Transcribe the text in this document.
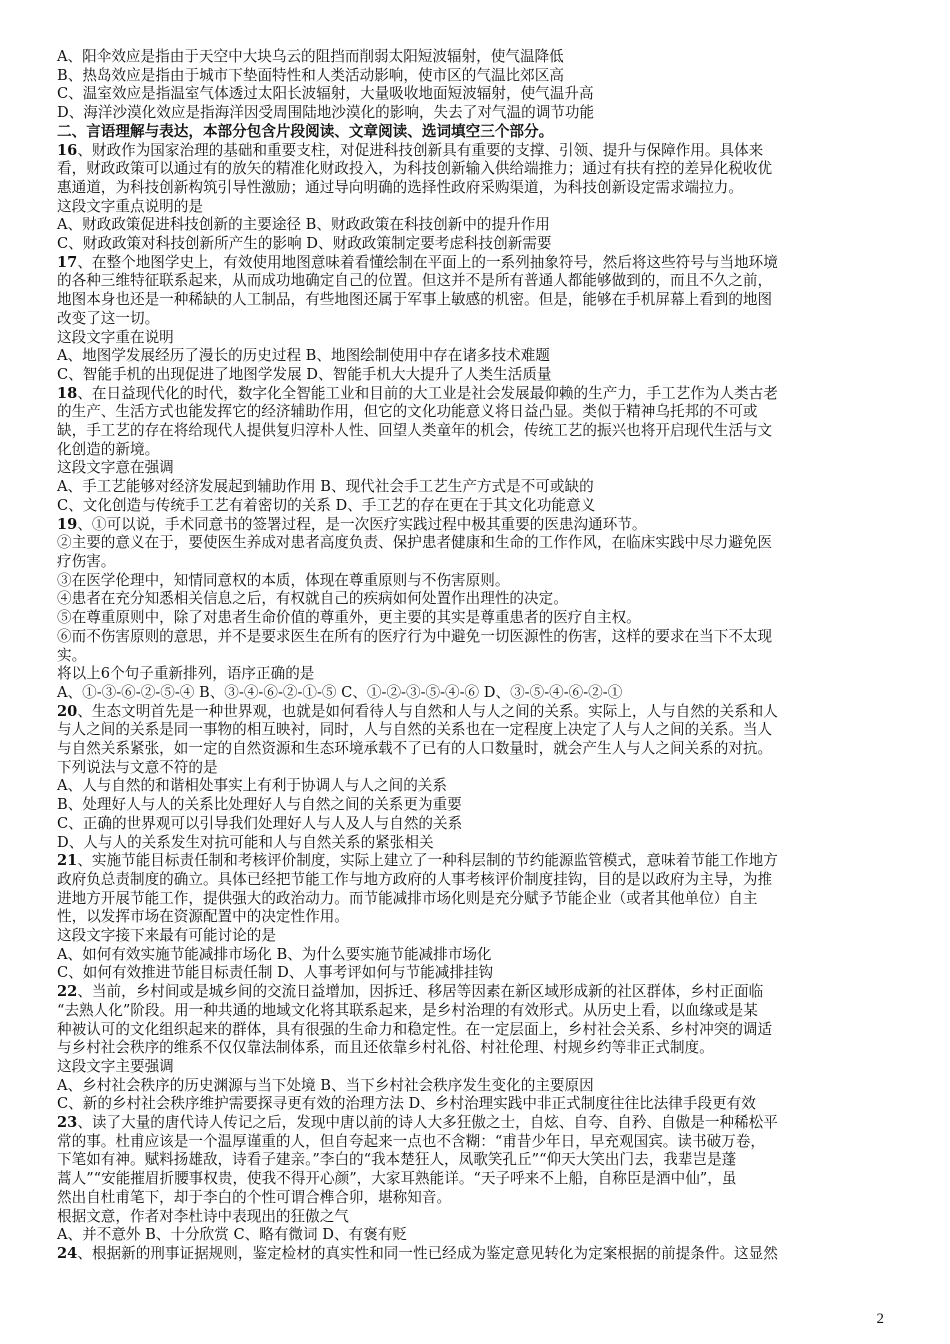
A、阳伞效应是指由于天空中大块乌云的阻挡而削弱太阳短波辐射，使气温降低
B、热岛效应是指由于城市下垫面特性和人类活动影响，使市区的气温比郊区高
C、温室效应是指温室气体透过太阳长波辐射，大量吸收地面短波辐射，使气温升高
D、海洋沙漠化效应是指海洋因受周围陆地沙漠化的影响，失去了对气温的调节功能
二、言语理解与表达，本部分包含片段阅读、文章阅读、选词填空三个部分。
16、财政作为国家治理的基础和重要支柱，对促进科技创新具有重要的支撑、引领、提升与保障作用。具体来
看，财政政策可以通过有的放矢的精准化财政投入，为科技创新输入供给端推力；通过有扶有控的差异化税收优
惠通道，为科技创新构筑引导性激励；通过导向明确的选择性政府采购渠道，为科技创新设定需求端拉力。
这段文字重点说明的是
A、财政政策促进科技创新的主要途径 B、财政政策在科技创新中的提升作用
C、财政政策对科技创新所产生的影响 D、财政政策制定要考虑科技创新需要
17、在整个地图学史上，有效使用地图意味着看懂绘制在平面上的一系列抽象符号，然后将这些符号与当地环境
的各种三维特征联系起来，从而成功地确定自己的位置。但这并不是所有普通人都能够做到的，而且不久之前，
地图本身也还是一种稀缺的人工制品，有些地图还属于军事上敏感的机密。但是，能够在手机屏幕上看到的地图
改变了这一切。
这段文字重在说明
A、地图学发展经历了漫长的历史过程 B、地图绘制使用中存在诸多技术难题
C、智能手机的出现促进了地图学发展 D、智能手机大大提升了人类生活质量
18、在日益现代化的时代，数字化全智能工业和目前的大工业是社会发展最仰赖的生产力，手工艺作为人类古老
的生产、生活方式也能发挥它的经济辅助作用，但它的文化功能意义将日益凸显。类似于精神乌托邦的不可或
缺，手工艺的存在将给现代人提供复归淳朴人性、回望人类童年的机会，传统工艺的振兴也将开启现代生活与文
化创造的新境。
这段文字意在强调
A、手工艺能够对经济发展起到辅助作用 B、现代社会手工艺生产方式是不可或缺的
C、文化创造与传统手工艺有着密切的关系 D、手工艺的存在更在于其文化功能意义
19、①可以说，手术同意书的签署过程，是一次医疗实践过程中极其重要的医患沟通环节。
②主要的意义在于，要使医生养成对患者高度负责、保护患者健康和生命的工作作风，在临床实践中尽力避免医
疗伤害。
③在医学伦理中，知情同意权的本质，体现在尊重原则与不伤害原则。
④患者在充分知悉相关信息之后，有权就自己的疾病如何处置作出理性的决定。
⑤在尊重原则中，除了对患者生命价值的尊重外，更主要的其实是尊重患者的医疗自主权。
⑥而不伤害原则的意思，并不是要求医生在所有的医疗行为中避免一切医源性的伤害，这样的要求在当下不太现
实。
将以上6个句子重新排列，语序正确的是
A、①-③-⑥-②-⑤-④ B、③-④-⑥-②-①-⑤ C、①-②-③-⑤-④-⑥ D、③-⑤-④-⑥-②-①
20、生态文明首先是一种世界观，也就是如何看待人与自然和人与人之间的关系。实际上，人与自然的关系和人
与人之间的关系是同一事物的相互映衬，同时，人与自然的关系也在一定程度上决定了人与人之间的关系。当人
与自然关系紧张，如一定的自然资源和生态环境承载不了已有的人口数量时，就会产生人与人之间关系的对抗。
下列说法与文意不符的是
A、人与自然的和谐相处事实上有利于协调人与人之间的关系
B、处理好人与人的关系比处理好人与自然之间的关系更为重要
C、正确的世界观可以引导我们处理好人与人及人与自然的关系
D、人与人的关系发生对抗可能和人与自然关系的紧张相关
21、实施节能目标责任制和考核评价制度，实际上建立了一种科层制的节约能源监管模式，意味着节能工作地方
政府负总责制度的确立。具体已经把节能工作与地方政府的人事考核评价制度挂钩，目的是以政府为主导，为推
进地方开展节能工作，提供强大的政治动力。而节能减排市场化则是充分赋予节能企业（或者其他单位）自主
性，以发挥市场在资源配置中的决定性作用。
这段文字接下来最有可能讨论的是
A、如何有效实施节能减排市场化 B、为什么要实施节能减排市场化
C、如何有效推进节能目标责任制 D、人事考评如何与节能减排挂钩
22、当前，乡村间或是城乡间的交流日益增加，因拆迁、移居等因素在新区域形成新的社区群体，乡村正面临
“去熟人化”阶段。用一种共通的地域文化将其联系起来，是乡村治理的有效形式。从历史上看，以血缘或是某
种被认可的文化组织起来的群体，具有很强的生命力和稳定性。在一定层面上，乡村社会关系、乡村冲突的调适
与乡村社会秩序的维系不仅仅靠法制体系，而且还依靠乡村礼俗、村社伦理、村规乡约等非正式制度。
这段文字主要强调
A、乡村社会秩序的历史渊源与当下处境 B、当下乡村社会秩序发生变化的主要原因
C、新的乡村社会秩序维护需要探寻更有效的治理方法 D、乡村治理实践中非正式制度往往比法律手段更有效
23、读了大量的唐代诗人传记之后，发现中唐以前的诗人大多狂傲之士，自炫、自夸、自矜、自傲是一种稀松平
常的事。杜甫应该是一个温厚谨重的人，但自夸起来一点也不含糊：“甫昔少年日，早充观国宾。读书破万卷，
下笔如有神。赋料扬雄敌，诗看子建亲。”李白的“我本楚狂人，凤歌笑孔丘”“仰天大笑出门去，我辈岂是蓬
蒿人”“安能摧眉折腰事权贵，使我不得开心颜”，大家耳熟能详。“天子呼来不上船，自称臣是酒中仙”，虽
然出自杜甫笔下，却于李白的个性可谓合榫合卯，堪称知音。
根据文意，作者对李杜诗中表现出的狂傲之气
A、并不意外 B、十分欣赏 C、略有微词 D、有褒有贬
24、根据新的刑事证据规则，鉴定检材的真实性和同一性已经成为鉴定意见转化为定案根据的前提条件。这显然
2
